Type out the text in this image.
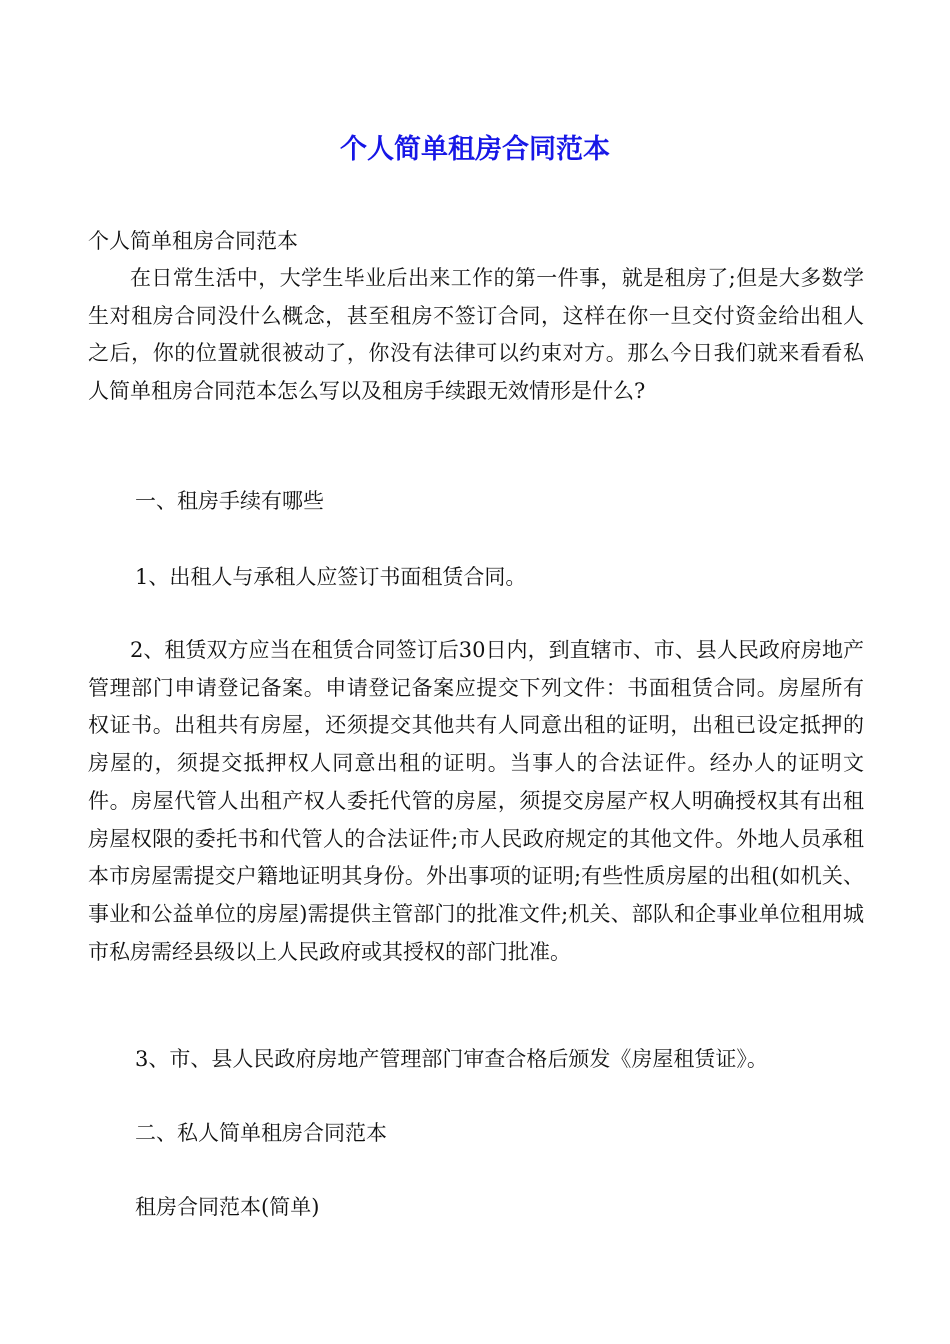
个人简单租房合同范本
个人简单租房合同范本
在日常生活中，大学生毕业后出来工作的第一件事，就是租房了;但是大多数学生对租房合同没什么概念，甚至租房不签订合同，这样在你一旦交付资金给出租人之后，你的位置就很被动了，你没有法律可以约束对方。那么今日我们就来看看私人简单租房合同范本怎么写以及租房手续跟无效情形是什么?
一、租房手续有哪些
1、出租人与承租人应签订书面租赁合同。
2、租赁双方应当在租赁合同签订后30日内，到直辖市、市、县人民政府房地产管理部门申请登记备案。申请登记备案应提交下列文件：书面租赁合同。房屋所有权证书。出租共有房屋，还须提交其他共有人同意出租的证明，出租已设定抵押的房屋的，须提交抵押权人同意出租的证明。当事人的合法证件。经办人的证明文件。房屋代管人出租产权人委托代管的房屋，须提交房屋产权人明确授权其有出租房屋权限的委托书和代管人的合法证件;市人民政府规定的其他文件。外地人员承租本市房屋需提交户籍地证明其身份。外出事项的证明;有些性质房屋的出租(如机关、事业和公益单位的房屋)需提供主管部门的批准文件;机关、部队和企事业单位租用城市私房需经县级以上人民政府或其授权的部门批准。
3、市、县人民政府房地产管理部门审查合格后颁发《房屋租赁证》。
二、私人简单租房合同范本
租房合同范本(简单)
